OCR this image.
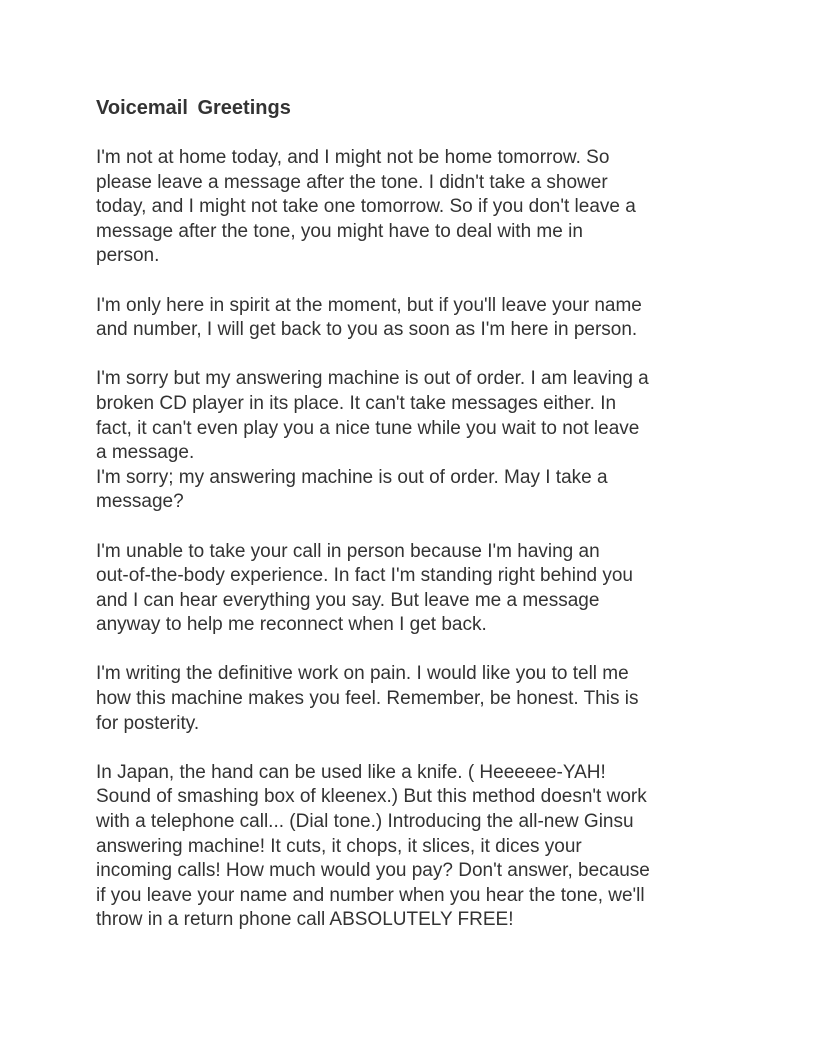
Voicemail Greetings

I'm not at home today, and I might not be home tomorrow. So
please leave a message after the tone. I didn't take a shower
today, and I might not take one tomorrow. So if you don't leave a
message after the tone, you might have to deal with me in
person.

I'm only here in spirit at the moment, but if you'll leave your name
and number, I will get back to you as soon as I'm here in person.

I'm sorry but my answering machine is out of order. I am leaving a
broken CD player in its place. It can't take messages either. In
fact, it can't even play you a nice tune while you wait to not leave
a message.

I'm sorry; my answering machine is out of order. May I take a
message?

I'm unable to take your call in person because I'm having an
out-of-the-body experience. In fact I'm standing right behind you
and I can hear everything you say. But leave me a message
anyway to help me reconnect when I get back.

I'm writing the definitive work on pain. I would like you to tell me
how this machine makes you feel. Remember, be honest. This is
for posterity.

In Japan, the hand can be used like a knife. ( Heeeeee-YAH!
Sound of smashing box of kleenex.) But this method doesn't work
with a telephone call... (Dial tone.) Introducing the all-new Ginsu
answering machine! It cuts, it chops, it slices, it dices your
incoming calls! How much would you pay? Don't answer, because
if you leave your name and number when you hear the tone, we'll
throw in a return phone call ABSOLUTELY FREE!
